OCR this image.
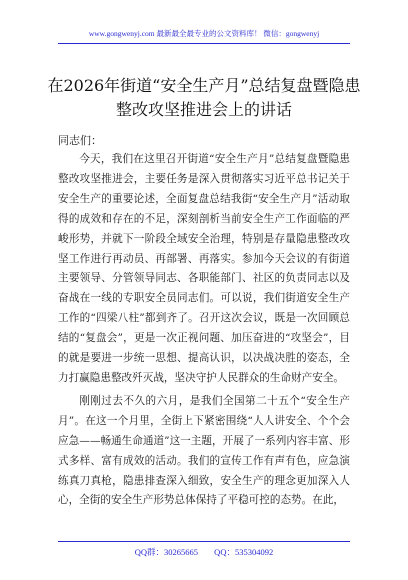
www.gongwenyj.com 最新最全最专业的公文资料库！ 微信：gongwenyj
在2026年街道“安全生产月”总结复盘暨隐患整改攻坚推进会上的讲话

同志们：

今天，我们在这里召开街道“安全生产月”总结复盘暨隐患整改攻坚推进会，主要任务是深入贯彻落实习近平总书记关于安全生产的重要论述，全面复盘总结我街“安全生产月”活动取得的成效和存在的不足，深刻剖析当前安全生产工作面临的严峻形势，并就下一阶段全域安全治理，特别是存量隐患整改攻坚工作进行再动员、再部署、再落实。参加今天会议的有街道主要领导、分管领导同志、各职能部门、社区的负责同志以及奋战在一线的专职安全员同志们。可以说，我们街道安全生产工作的“四梁八柱”都到齐了。召开这次会议，既是一次回顾总结的“复盘会”，更是一次正视问题、加压奋进的“攻坚会”，目的就是要进一步统一思想、提高认识，以决战决胜的姿态，全力打赢隐患整改歼灭战，坚决守护人民群众的生命财产安全。

刚刚过去不久的六月，是我们全国第二十五个“安全生产月”。在这一个月里，全街上下紧密围绕“人人讲安全、个个会应急——畅通生命通道”这一主题，开展了一系列内容丰富、形式多样、富有成效的活动。我们的宣传工作有声有色，应急演练真刀真枪，隐患排查深入细致，安全生产的理念更加深入人心，全街的安全生产形势总体保持了平稳可控的态势。在此，

QQ群：30265665 QQ：535304092
